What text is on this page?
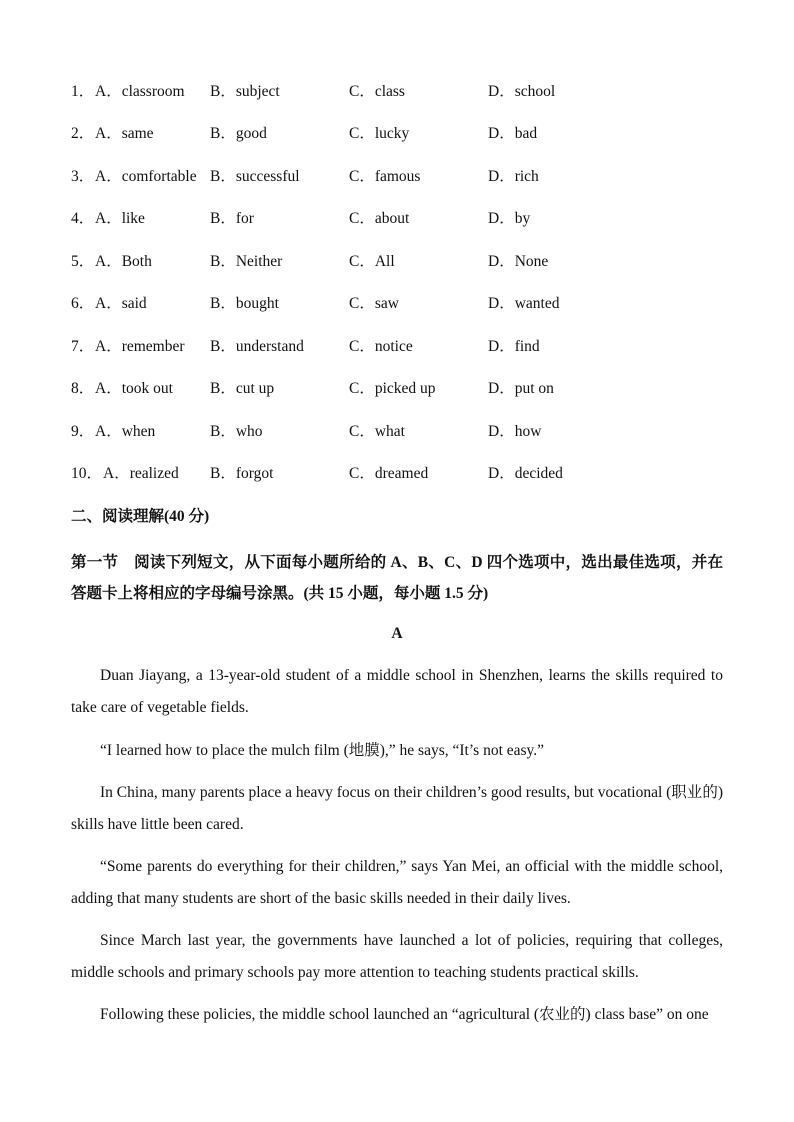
1． A．classroom B．subject	C．class	D．school
2． A．same	B．good	C．lucky	D．bad
3． A．comfortable B．successful	C．famous	D．rich
4． A．like	B．for	C．about	D．by
5． A．Both	B．Neither	C．All	D．None
6． A．said	B．bought	C．saw	D．wanted
7． A．remember B．understand	C．notice	D．find
8． A．took out B．cut up	C．picked up	D．put on
9． A．when	B．who	C．what	D．how
10． A．realized B．forgot	C．dreamed	D．decided
二、阅读理解(40 分)
第一节　阅读下列短文，从下面每小题所给的 A、B、C、D 四个选项中，选出最佳选项，并在答题卡上将相应的字母编号涂黑。(共 15 小题，每小题 1.5 分)
A

Duan Jiayang, a 13-year-old student of a middle school in Shenzhen, learns the skills required to take care of vegetable fields.

“I learned how to place the mulch film (地膜),” he says, “It’s not easy.”

In China, many parents place a heavy focus on their children’s good results, but vocational (职业的) skills have little been cared.

“Some parents do everything for their children,” says Yan Mei, an official with the middle school, adding that many students are short of the basic skills needed in their daily lives.

Since March last year, the governments have launched a lot of policies, requiring that colleges, middle schools and primary schools pay more attention to teaching students practical skills.

Following these policies, the middle school launched an “agricultural (农业的) class base” on one
